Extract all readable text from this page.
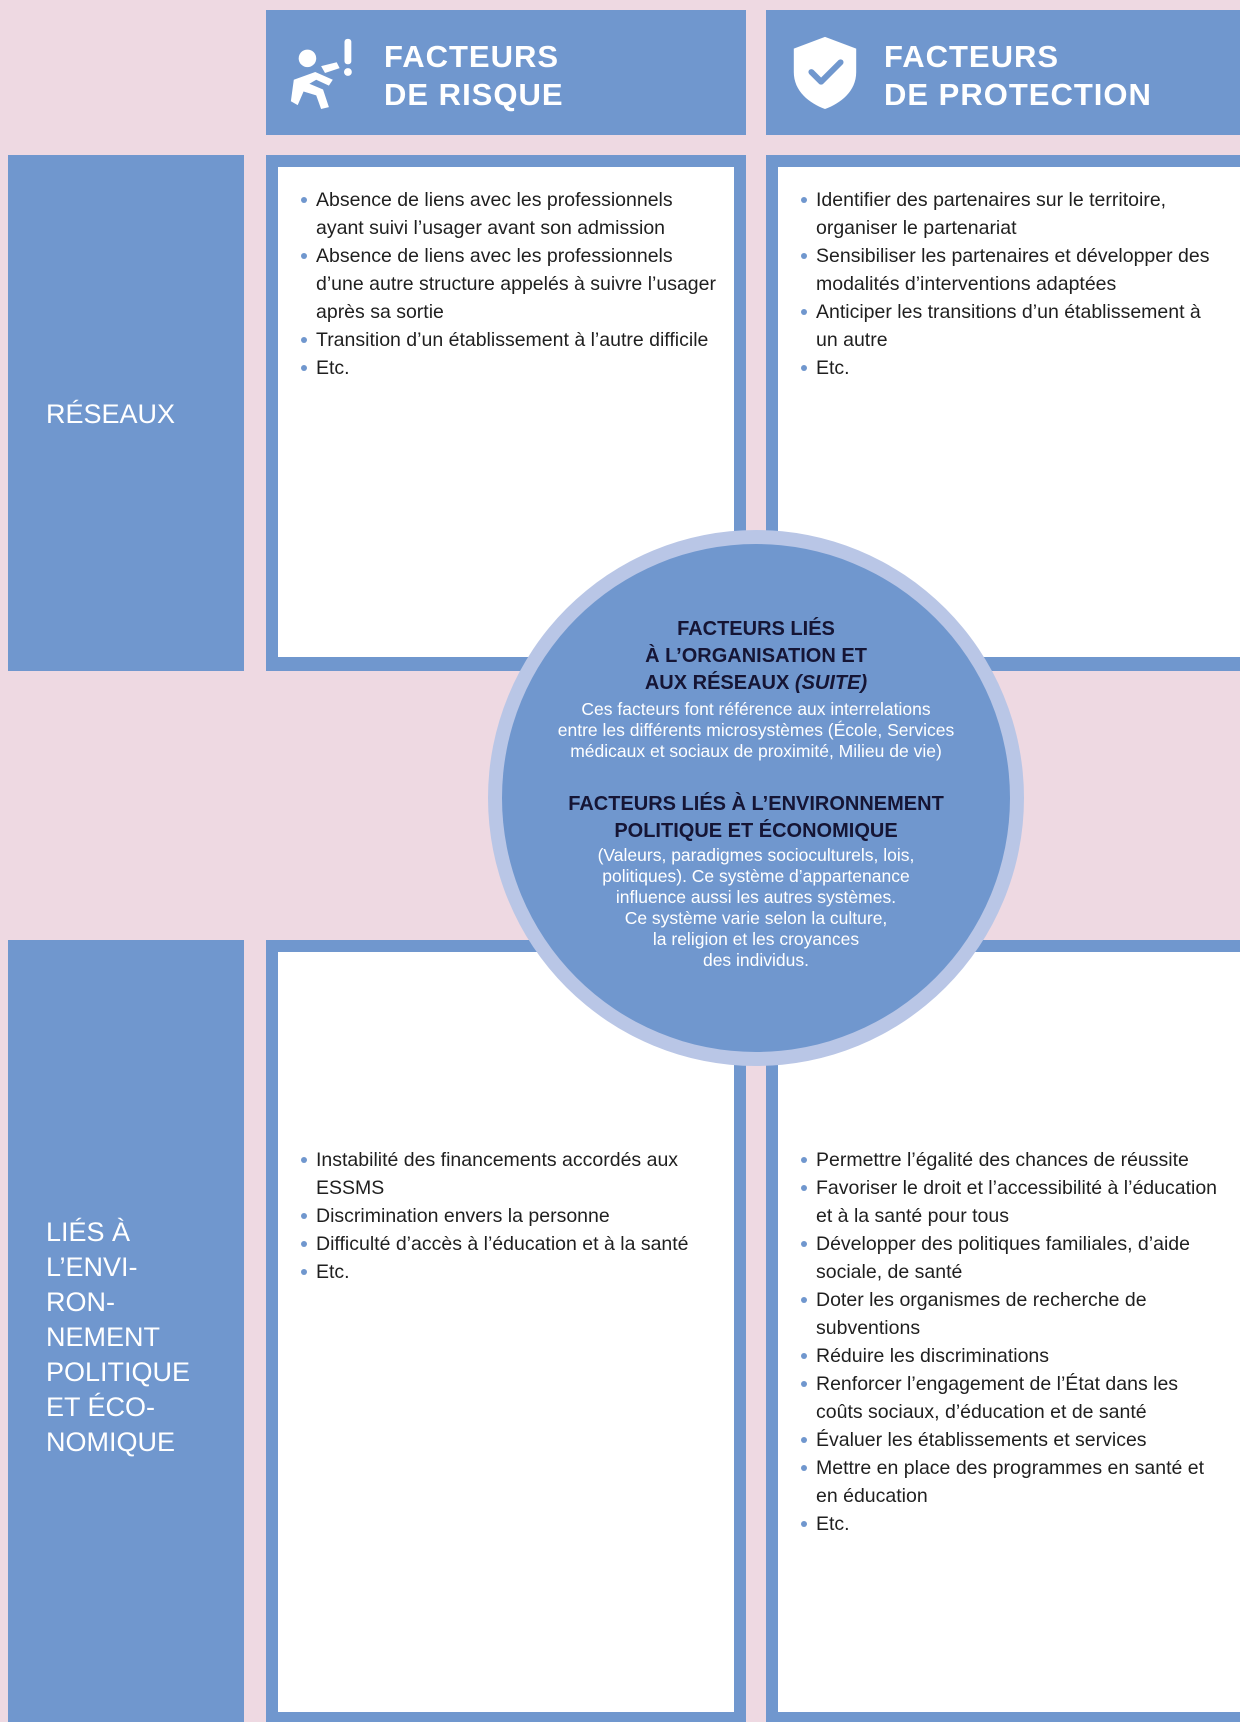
FACTEURS
DE RISQUE
FACTEURS
DE PROTECTION
RÉSEAUX
Absence de liens avec les professionnels ayant suivi l’usager avant son admission
Absence de liens avec les professionnels d’une autre structure appelés à suivre l’usager après sa sortie
Transition d’un établissement à l’autre difficile
Etc.
Identifier des partenaires sur le territoire, organiser le partenariat
Sensibiliser les partenaires et développer des modalités d’interventions adaptées
Anticiper les transitions d’un établissement à un autre
Etc.
LIÉS À
L’ENVI-
RON-
NEMENT
POLITIQUE
ET ÉCO-
NOMIQUE
Instabilité des financements accordés aux ESSMS
Discrimination envers la personne
Difficulté d’accès à l’éducation et à la santé
Etc.
Permettre l’égalité des chances de réussite
Favoriser le droit et l’accessibilité à l’éducation et à la santé pour tous
Développer des politiques familiales, d’aide sociale, de santé
Doter les organismes de recherche de subventions
Réduire les discriminations
Renforcer l’engagement de l’État dans les coûts sociaux, d’éducation et de santé
Évaluer les établissements et services
Mettre en place des programmes en santé et en éducation
Etc.
FACTEURS LIÉS
À L’ORGANISATION ET
AUX RÉSEAUX (SUITE)
Ces facteurs font référence aux interrelations
entre les différents microsystèmes (École, Services
médicaux et sociaux de proximité, Milieu de vie)
FACTEURS LIÉS À L’ENVIRONNEMENT
POLITIQUE ET ÉCONOMIQUE
(Valeurs, paradigmes socioculturels, lois,
politiques). Ce système d’appartenance
influence aussi les autres systèmes.
Ce système varie selon la culture,
la religion et les croyances
des individus.
